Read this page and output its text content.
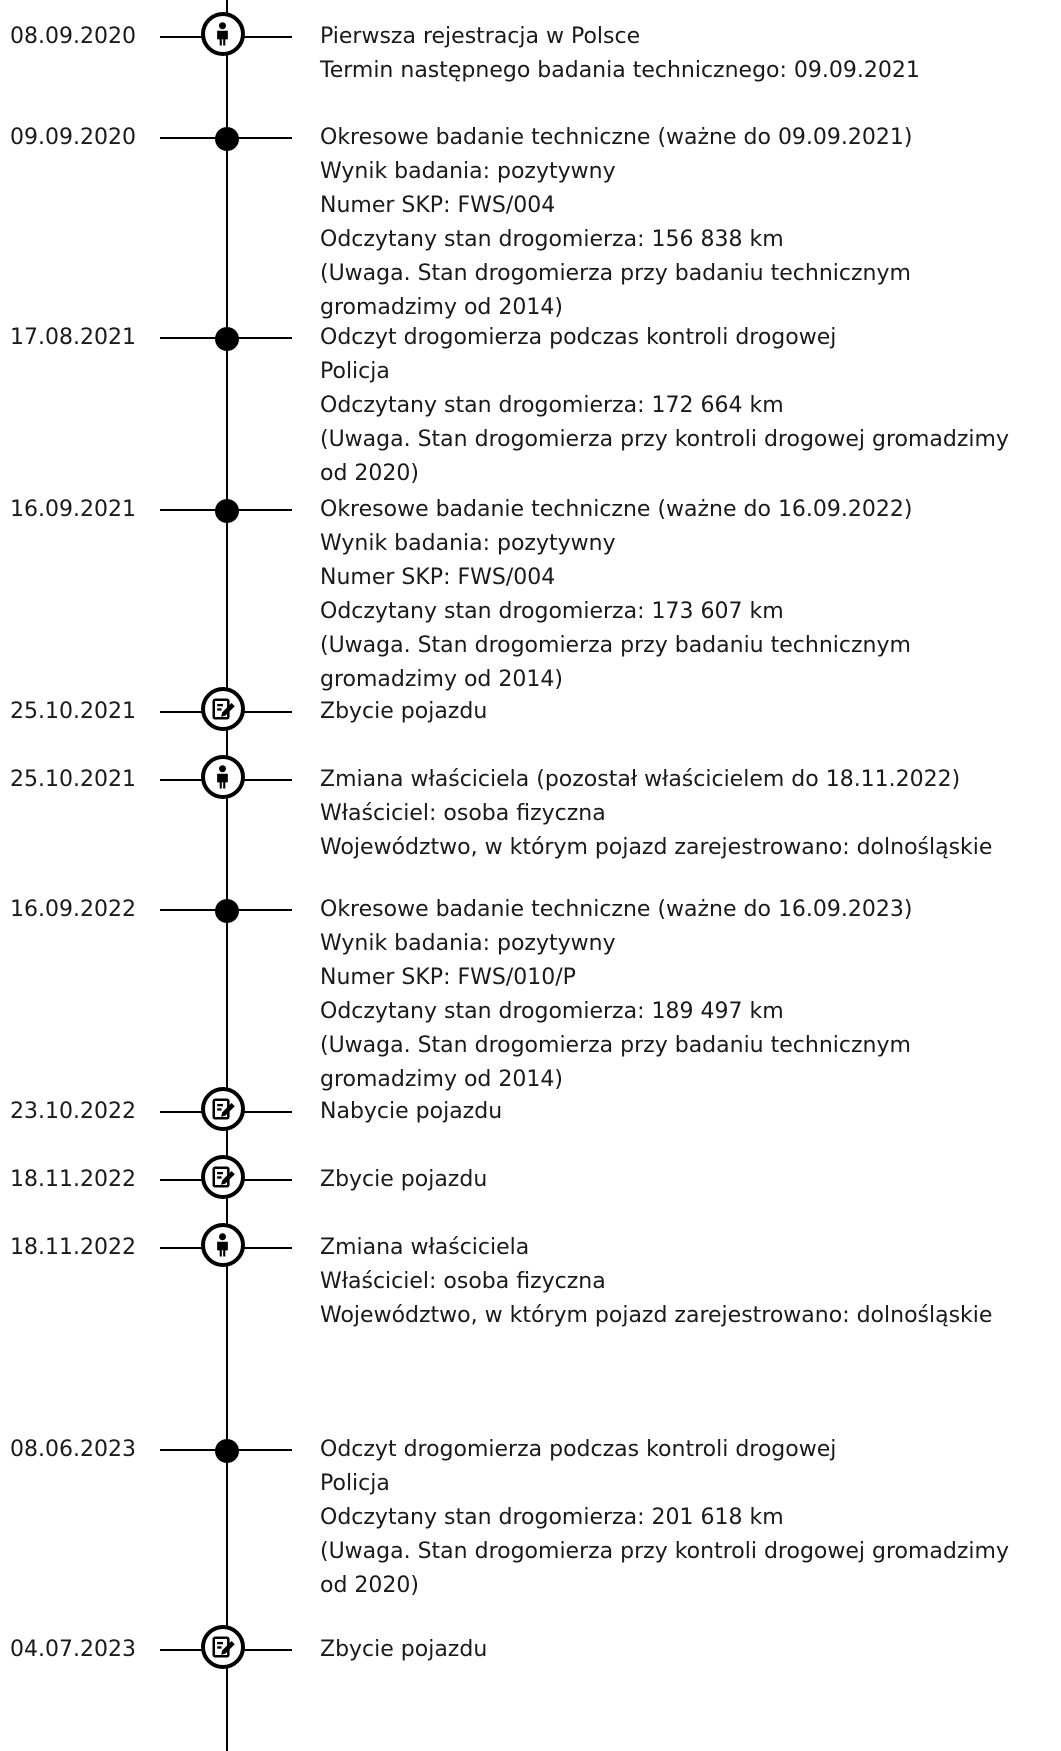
08.09.2020	Pierwsza rejestracja w Polsce
Termin następnego badania technicznego: 09.09.2021
09.09.2020	Okresowe badanie techniczne (ważne do 09.09.2021)
Wynik badania: pozytywny
Numer SKP: FWS/004
Odczytany stan drogomierza: 156 838 km
(Uwaga. Stan drogomierza przy badaniu technicznym
gromadzimy od 2014)
17.08.2021	Odczyt drogomierza podczas kontroli drogowej
Policja
Odczytany stan drogomierza: 172 664 km
(Uwaga. Stan drogomierza przy kontroli drogowej gromadzimy
od 2020)
16.09.2021	Okresowe badanie techniczne (ważne do 16.09.2022)
Wynik badania: pozytywny
Numer SKP: FWS/004
Odczytany stan drogomierza: 173 607 km
(Uwaga. Stan drogomierza przy badaniu technicznym
gromadzimy od 2014)
25.10.2021	Zbycie pojazdu
25.10.2021	Zmiana właściciela (pozostał właścicielem do 18.11.2022)
Właściciel: osoba fizyczna
Województwo, w którym pojazd zarejestrowano: dolnośląskie
16.09.2022	Okresowe badanie techniczne (ważne do 16.09.2023)
Wynik badania: pozytywny
Numer SKP: FWS/010/P
Odczytany stan drogomierza: 189 497 km
(Uwaga. Stan drogomierza przy badaniu technicznym
gromadzimy od 2014)
23.10.2022	Nabycie pojazdu
18.11.2022	Zbycie pojazdu
18.11.2022	Zmiana właściciela
Właściciel: osoba fizyczna
Województwo, w którym pojazd zarejestrowano: dolnośląskie
08.06.2023	Odczyt drogomierza podczas kontroli drogowej
Policja
Odczytany stan drogomierza: 201 618 km
(Uwaga. Stan drogomierza przy kontroli drogowej gromadzimy
od 2020)
04.07.2023	Zbycie pojazdu
